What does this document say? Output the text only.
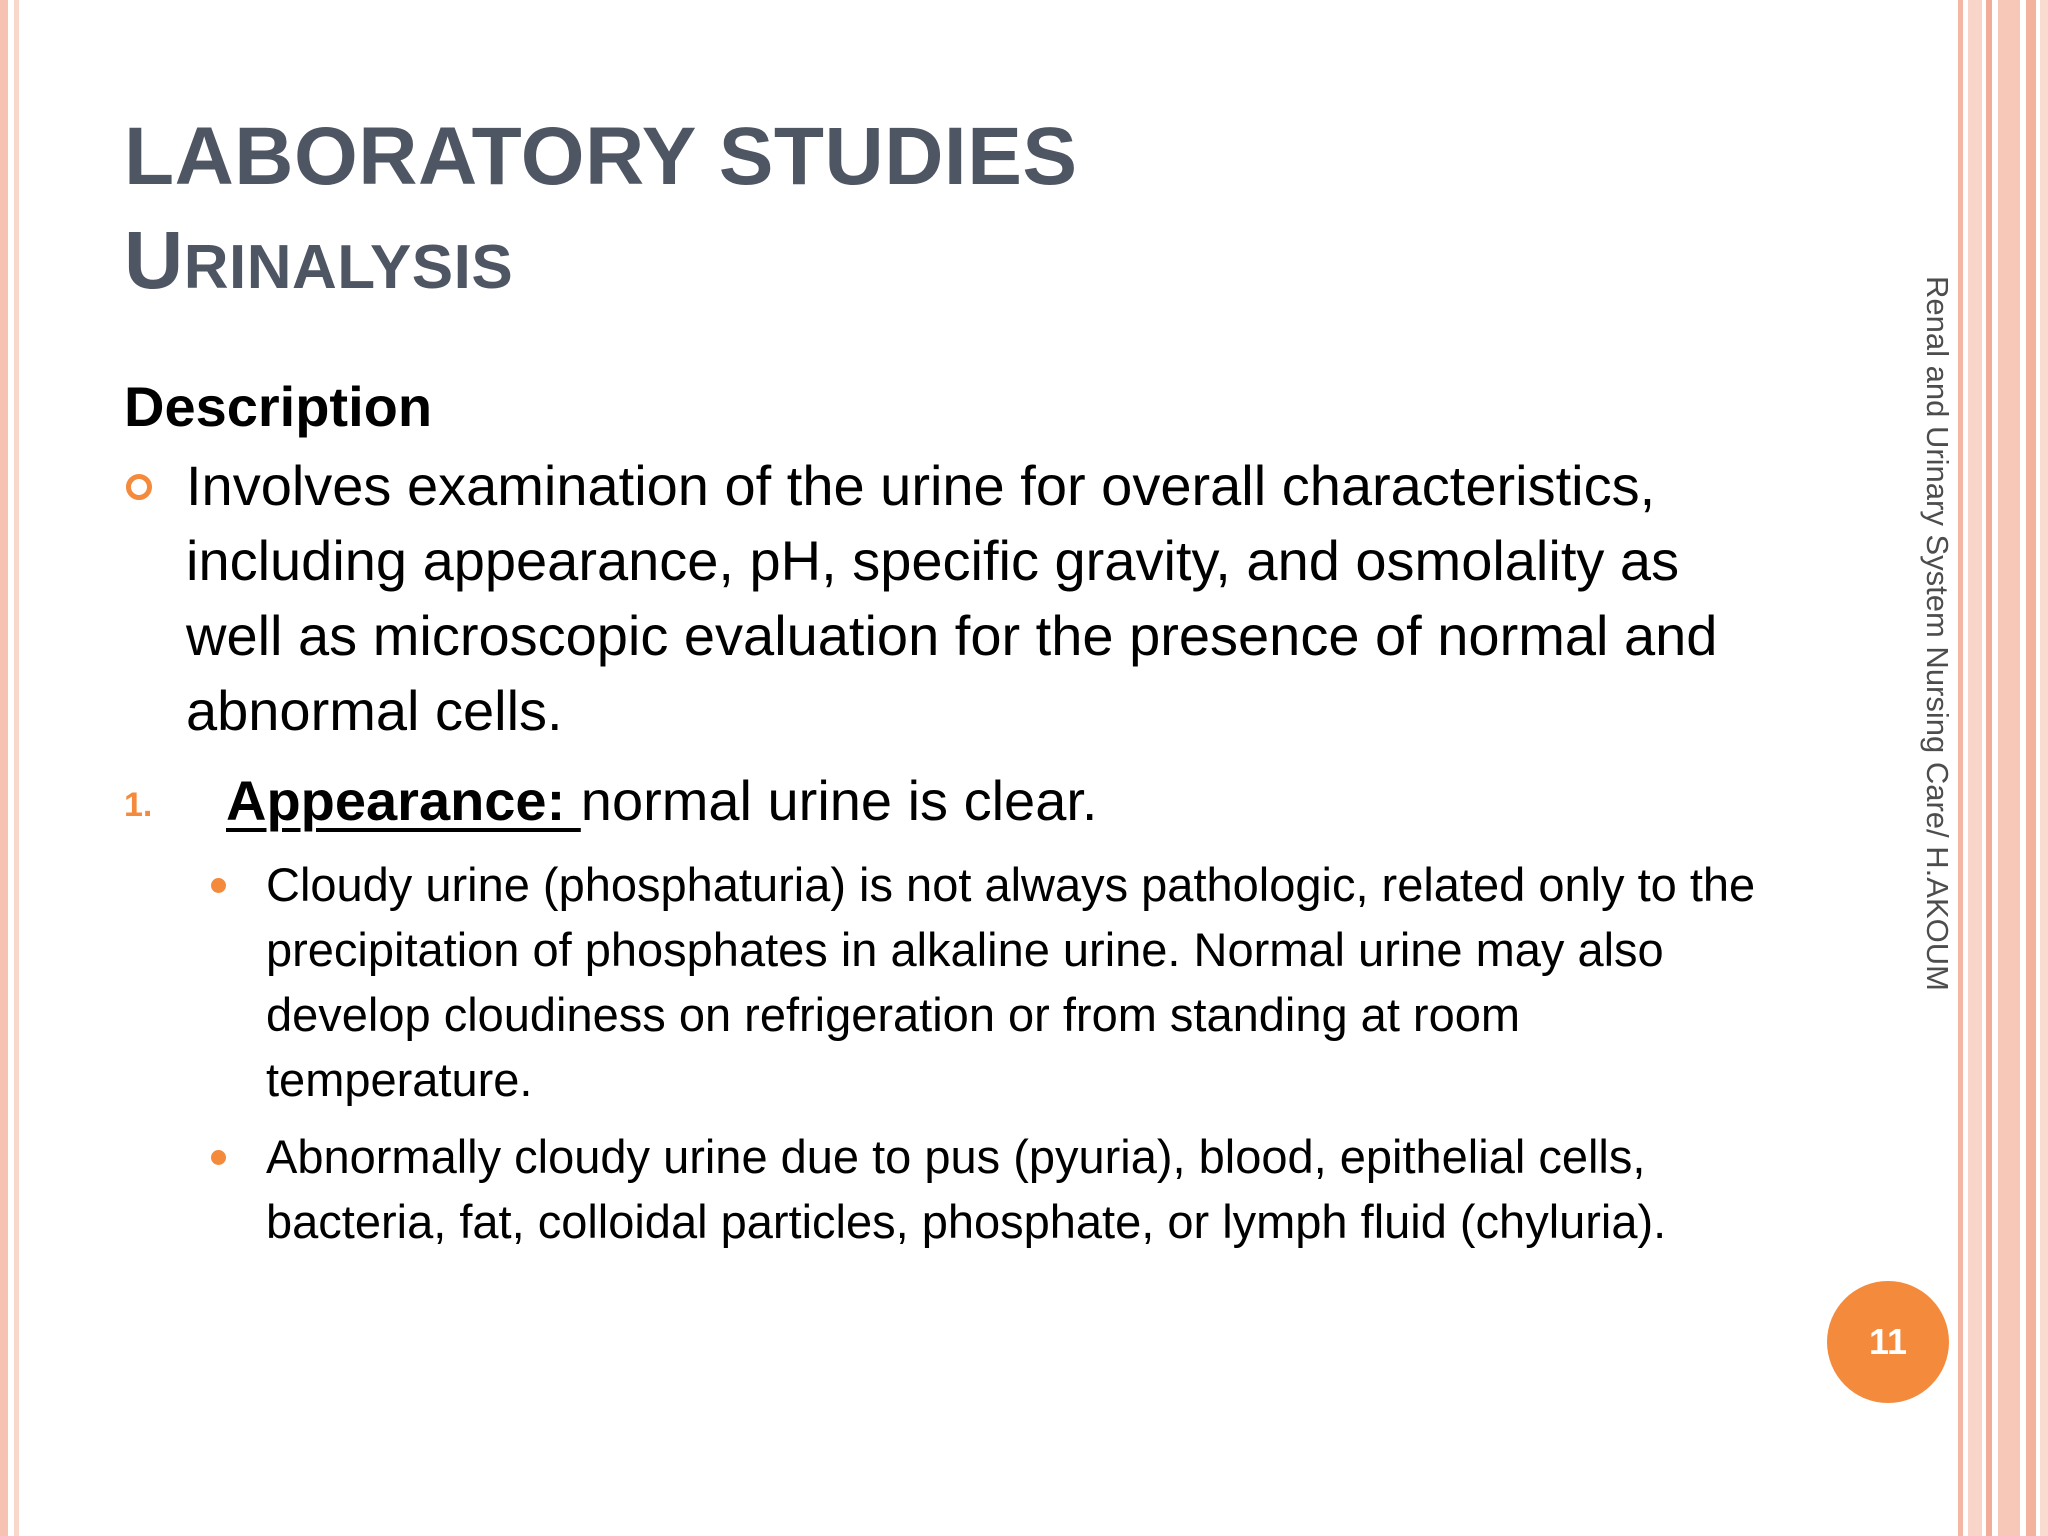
LABORATORY STUDIES
URINALYSIS
Description
Involves examination of the urine for overall characteristics, including appearance, pH, specific gravity, and osmolality as well as microscopic evaluation for the presence of normal and abnormal cells.
1. Appearance: normal urine is clear.
Cloudy urine (phosphaturia) is not always pathologic, related only to the precipitation of phosphates in alkaline urine. Normal urine may also develop cloudiness on refrigeration or from standing at room temperature.
Abnormally cloudy urine due to pus (pyuria), blood, epithelial cells, bacteria, fat, colloidal particles, phosphate, or lymph fluid (chyluria).
Renal and Urinary System Nursing Care/ H.AKOUM
11
